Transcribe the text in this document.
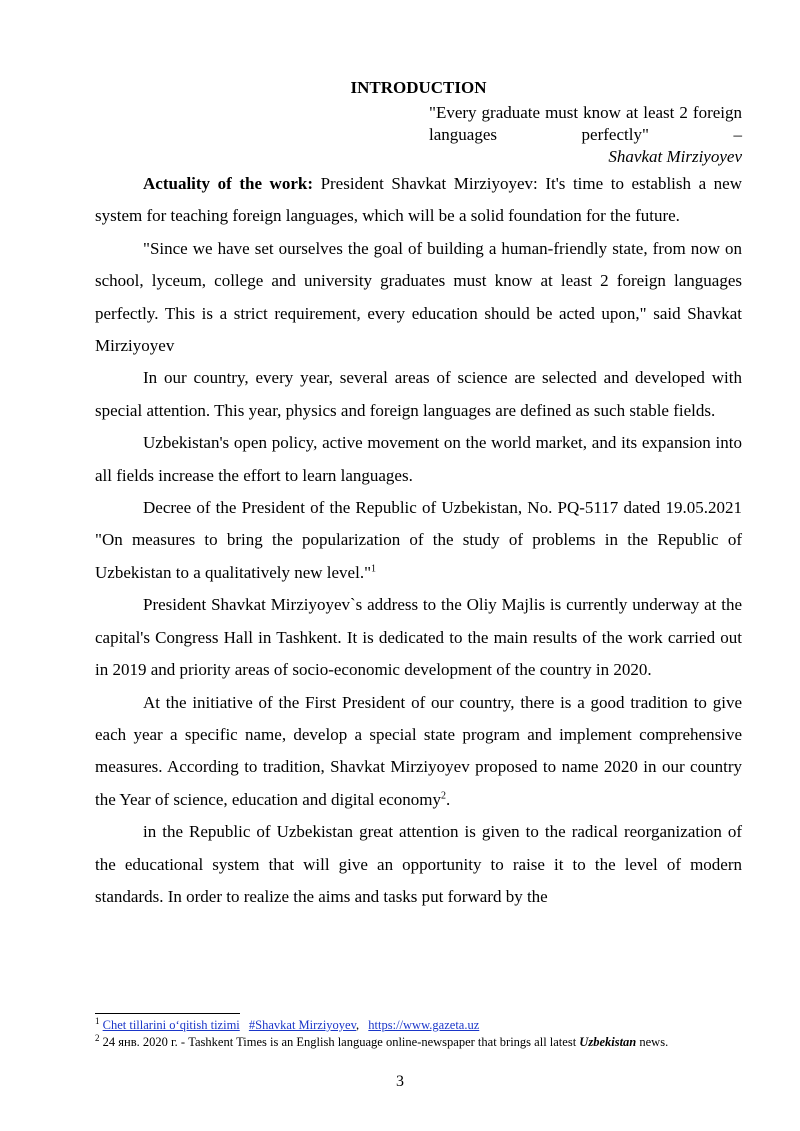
INTRODUCTION
"Every graduate must know at least 2 foreign languages perfectly" –
Shavkat Mirziyoyev

Actuality of the work: President Shavkat Mirziyoyev: It's time to establish a new system for teaching foreign languages, which will be a solid foundation for the future.

"Since we have set ourselves the goal of building a human-friendly state, from now on school, lyceum, college and university graduates must know at least 2 foreign languages perfectly. This is a strict requirement, every education should be acted upon," said Shavkat Mirziyoyev

In our country, every year, several areas of science are selected and developed with special attention. This year, physics and foreign languages are defined as such stable fields.

Uzbekistan's open policy, active movement on the world market, and its expansion into all fields increase the effort to learn languages.

Decree of the President of the Republic of Uzbekistan, No. PQ-5117 dated 19.05.2021 "On measures to bring the popularization of the study of problems in the Republic of Uzbekistan to a qualitatively new level."$^1$

President Shavkat Mirziyoyev`s address to the Oliy Majlis is currently underway at the capital's Congress Hall in Tashkent. It is dedicated to the main results of the work carried out in 2019 and priority areas of socio-economic development of the country in 2020.

At the initiative of the First President of our country, there is a good tradition to give each year a specific name, develop a special state program and implement comprehensive measures. According to tradition, Shavkat Mirziyoyev proposed to name 2020 in our country the Year of science, education and digital economy$^2$.

in the Republic of Uzbekistan great attention is given to the radical reorganization of the educational system that will give an opportunity to raise it to the level of modern standards. In order to realize the aims and tasks put forward by the

$^1$ Chet tillarini o‘qitish tizimi #Shavkat Mirziyoyev, https://www.gazeta.uz
$^2$ 24 янв. 2020 г. - Tashkent Times is an English language online-newspaper that brings all latest Uzbekistan news.
3
